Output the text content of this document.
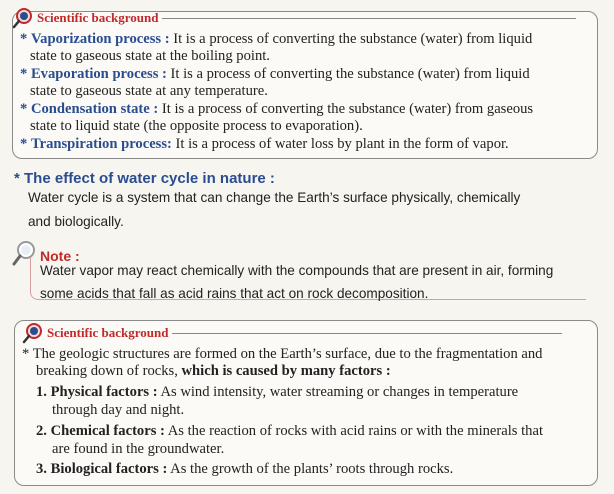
Scientific background
* Vaporization process : It is a process of converting the substance (water) from liquid
state to gaseous state at the boiling point.
* Evaporation process : It is a process of converting the substance (water) from liquid
state to gaseous state at any temperature.
* Condensation state : It is a process of converting the substance (water) from gaseous
state to liquid state (the opposite process to evaporation).
* Transpiration process: It is a process of water loss by plant in the form of vapor.
* The effect of water cycle in nature :
Water cycle is a system that can change the Earth’s surface physically, chemically
and biologically.
Note :
Water vapor may react chemically with the compounds that are present in air, forming
some acids that fall as acid rains that act on rock decomposition.
Scientific background
* The geologic structures are formed on the Earth’s surface, due to the fragmentation and
breaking down of rocks, which is caused by many factors :
1. Physical factors : As wind intensity, water streaming or changes in temperature
through day and night.
2. Chemical factors : As the reaction of rocks with acid rains or with the minerals that
are found in the groundwater.
3. Biological factors : As the growth of the plants’ roots through rocks.
